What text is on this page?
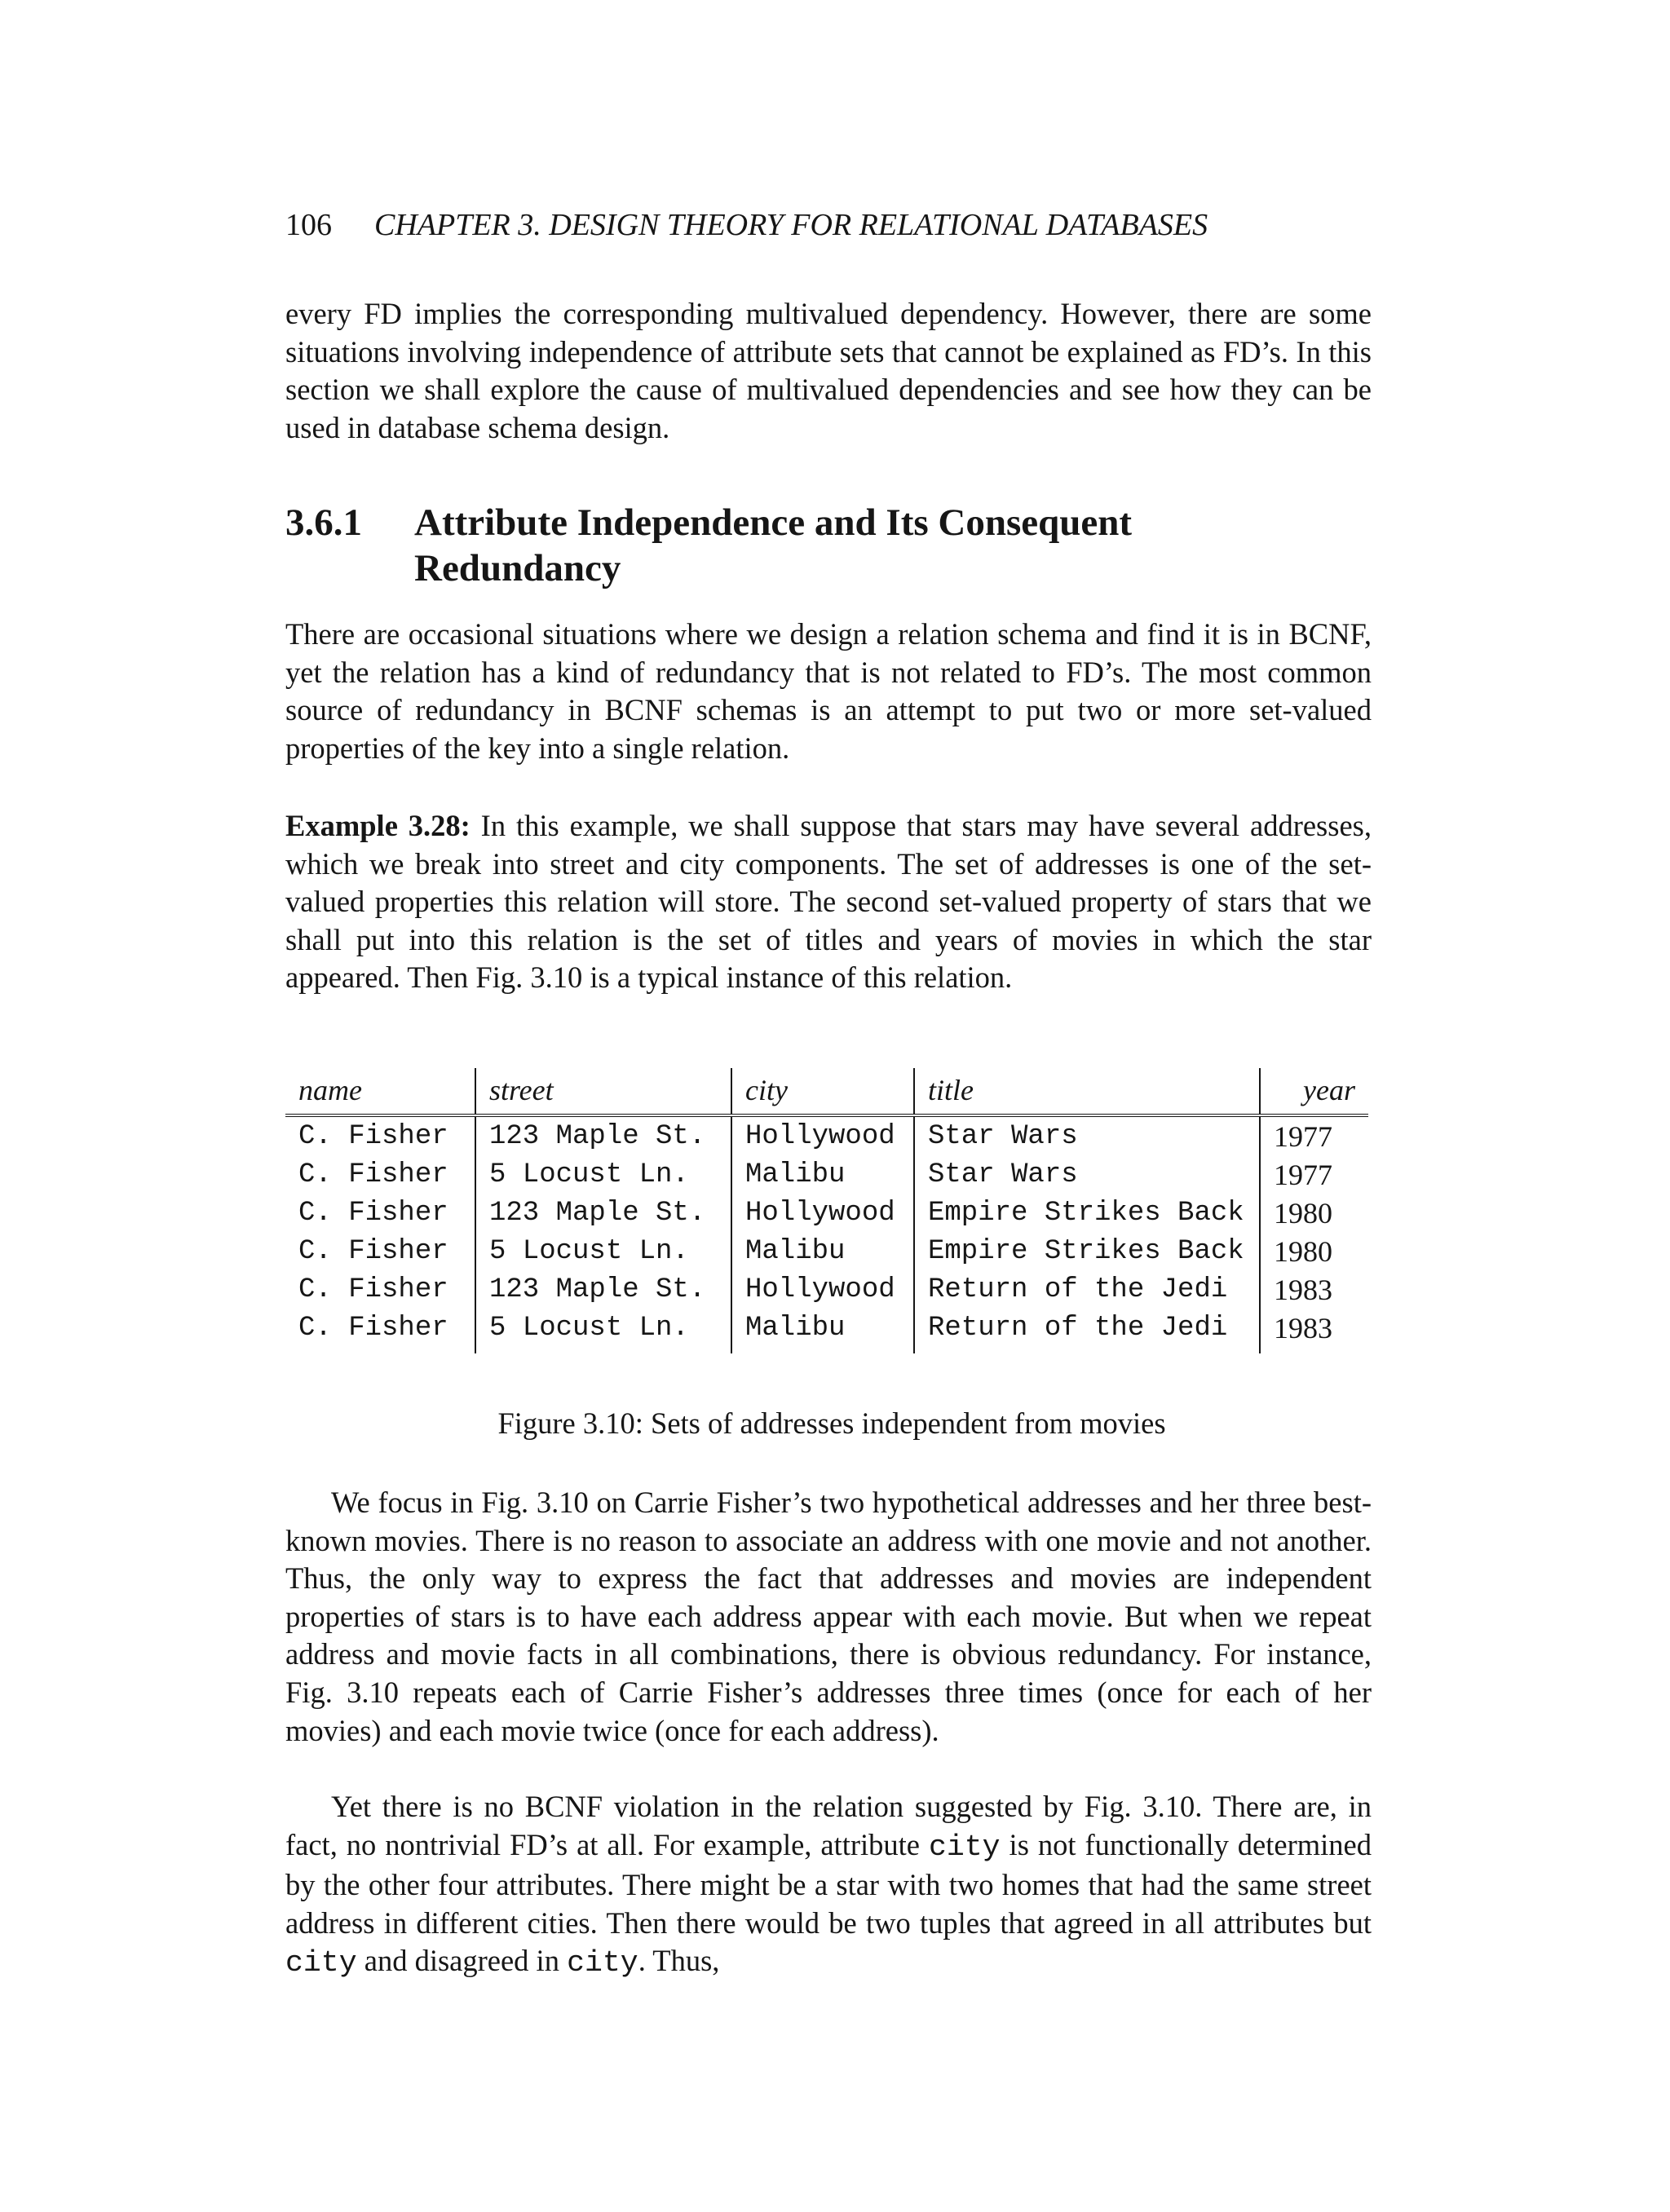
106 CHAPTER 3. DESIGN THEORY FOR RELATIONAL DATABASES

every FD implies the corresponding multivalued dependency. However, there are some situations involving independence of attribute sets that cannot be explained as FD’s. In this section we shall explore the cause of multivalued dependencies and see how they can be used in database schema design.

3.6.1 Attribute Independence and Its Consequent
Redundancy

There are occasional situations where we design a relation schema and find it is in BCNF, yet the relation has a kind of redundancy that is not related to FD’s. The most common source of redundancy in BCNF schemas is an attempt to put two or more set-valued properties of the key into a single relation.

Example 3.28: In this example, we shall suppose that stars may have several addresses, which we break into street and city components. The set of addresses is one of the set-valued properties this relation will store. The second set-valued property of stars that we shall put into this relation is the set of titles and years of movies in which the star appeared. Then Fig. 3.10 is a typical instance of this relation.

name	street	city	title	year
C. Fisher	123 Maple St.	Hollywood	Star Wars	1977
C. Fisher	5 Locust Ln.	Malibu	Star Wars	1977
C. Fisher	123 Maple St.	Hollywood	Empire Strikes Back	1980
C. Fisher	5 Locust Ln.	Malibu	Empire Strikes Back	1980
C. Fisher	123 Maple St.	Hollywood	Return of the Jedi	1983
C. Fisher	5 Locust Ln.	Malibu	Return of the Jedi	1983
Figure 3.10: Sets of addresses independent from movies

We focus in Fig. 3.10 on Carrie Fisher’s two hypothetical addresses and her three best-known movies. There is no reason to associate an address with one movie and not another. Thus, the only way to express the fact that addresses and movies are independent properties of stars is to have each address appear with each movie. But when we repeat address and movie facts in all combinations, there is obvious redundancy. For instance, Fig. 3.10 repeats each of Carrie Fisher’s addresses three times (once for each of her movies) and each movie twice (once for each address).

Yet there is no BCNF violation in the relation suggested by Fig. 3.10. There are, in fact, no nontrivial FD’s at all. For example, attribute city is not functionally determined by the other four attributes. There might be a star with two homes that had the same street address in different cities. Then there would be two tuples that agreed in all attributes but city and disagreed in city. Thus,
